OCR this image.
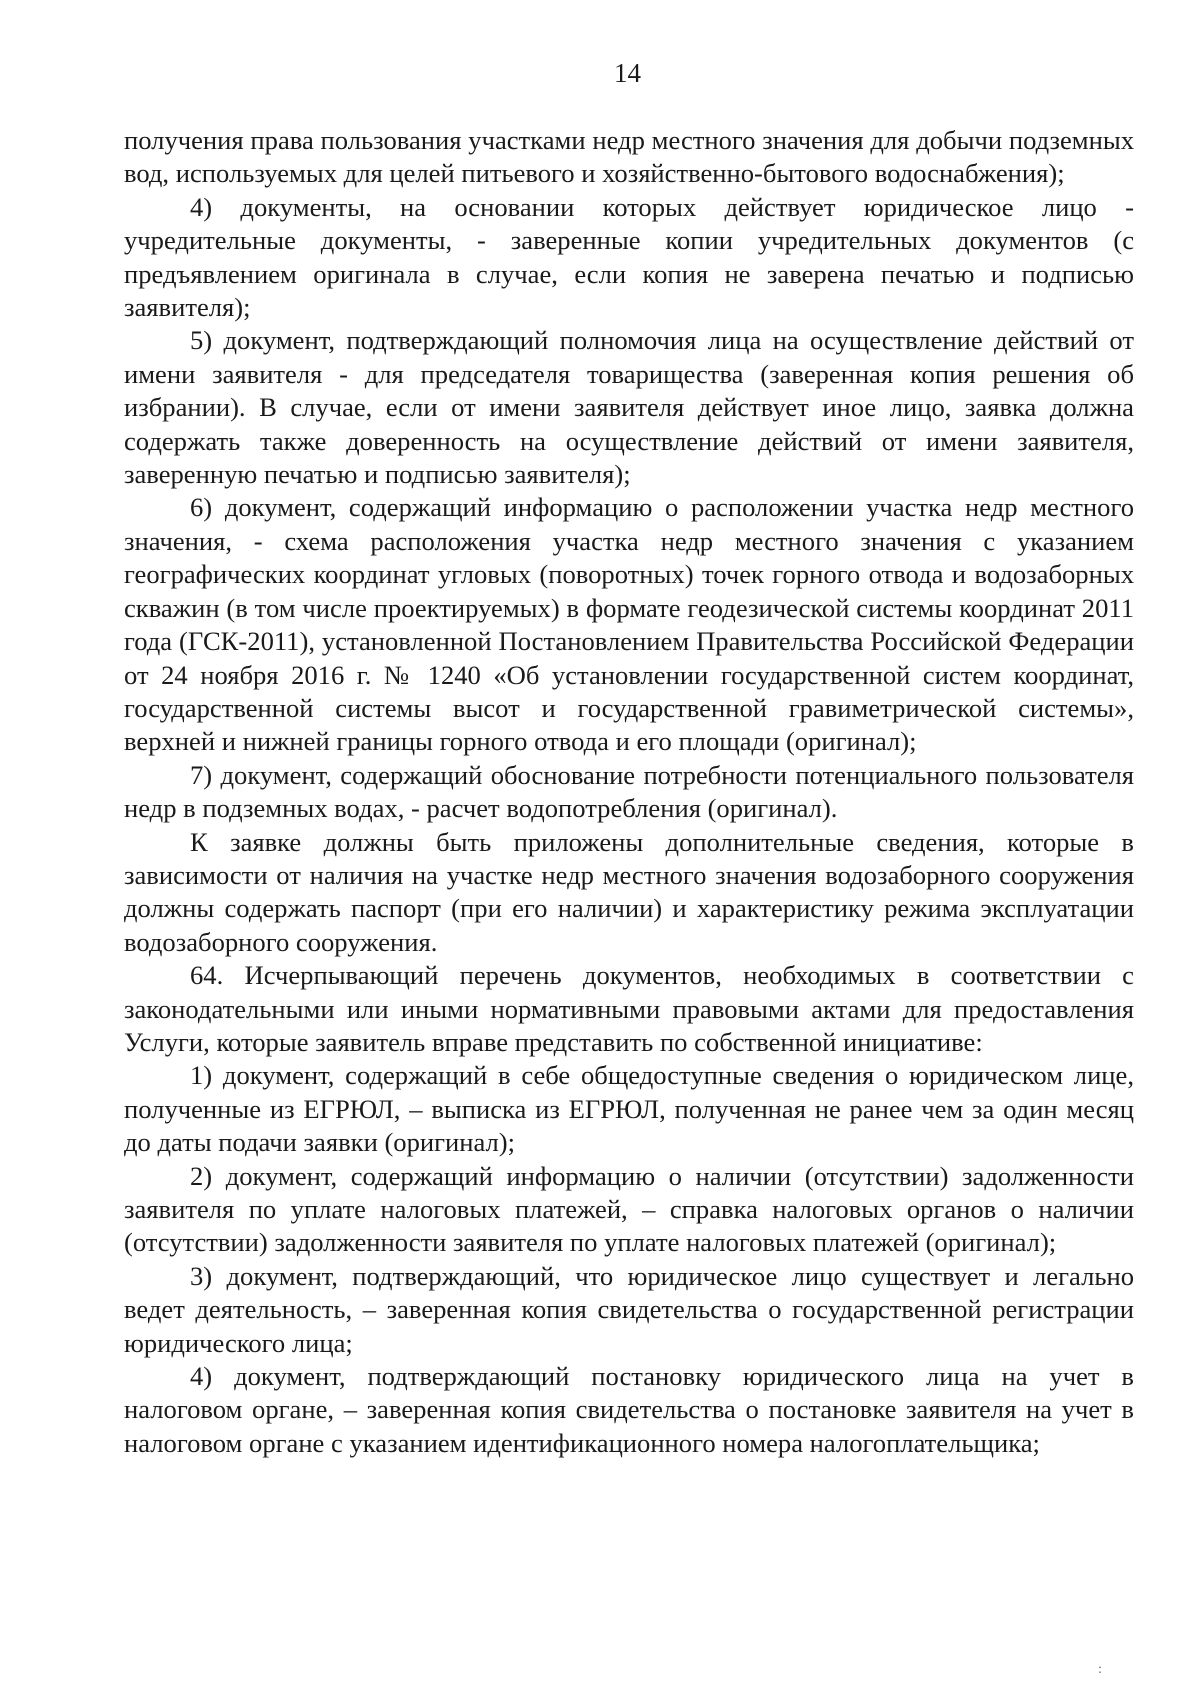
14

получения права пользования участками недр местного значения для добычи подземных вод, используемых для целей питьевого и хозяйственно-бытового водоснабжения);

4) документы, на основании которых действует юридическое лицо - учредительные документы, - заверенные копии учредительных документов (с предъявлением оригинала в случае, если копия не заверена печатью и подписью заявителя);

5) документ, подтверждающий полномочия лица на осуществление действий от имени заявителя - для председателя товарищества (заверенная копия решения об избрании). В случае, если от имени заявителя действует иное лицо, заявка должна содержать также доверенность на осуществление действий от имени заявителя, заверенную печатью и подписью заявителя);

6) документ, содержащий информацию о расположении участка недр местного значения, - схема расположения участка недр местного значения с указанием географических координат угловых (поворотных) точек горного отвода и водозаборных скважин (в том числе проектируемых) в формате геодезической системы координат 2011 года (ГСК-2011), установленной Постановлением Правительства Российской Федерации от 24 ноября 2016 г. № 1240 «Об установлении государственной систем координат, государственной системы высот и государственной гравиметрической системы», верхней и нижней границы горного отвода и его площади (оригинал);

7) документ, содержащий обоснование потребности потенциального пользователя недр в подземных водах, - расчет водопотребления (оригинал).

К заявке должны быть приложены дополнительные сведения, которые в зависимости от наличия на участке недр местного значения водозаборного сооружения должны содержать паспорт (при его наличии) и характеристику режима эксплуатации водозаборного сооружения.

64. Исчерпывающий перечень документов, необходимых в соответствии с законодательными или иными нормативными правовыми актами для предоставления Услуги, которые заявитель вправе представить по собственной инициативе:

1) документ, содержащий в себе общедоступные сведения о юридическом лице, полученные из ЕГРЮЛ, – выписка из ЕГРЮЛ, полученная не ранее чем за один месяц до даты подачи заявки (оригинал);

2) документ, содержащий информацию о наличии (отсутствии) задолженности заявителя по уплате налоговых платежей, – справка налоговых органов о наличии (отсутствии) задолженности заявителя по уплате налоговых платежей (оригинал);

3) документ, подтверждающий, что юридическое лицо существует и легально ведет деятельность, – заверенная копия свидетельства о государственной регистрации юридического лица;

4) документ, подтверждающий постановку юридического лица на учет в налоговом органе, – заверенная копия свидетельства о постановке заявителя на учет в налоговом органе с указанием идентификационного номера налогоплательщика;

:
